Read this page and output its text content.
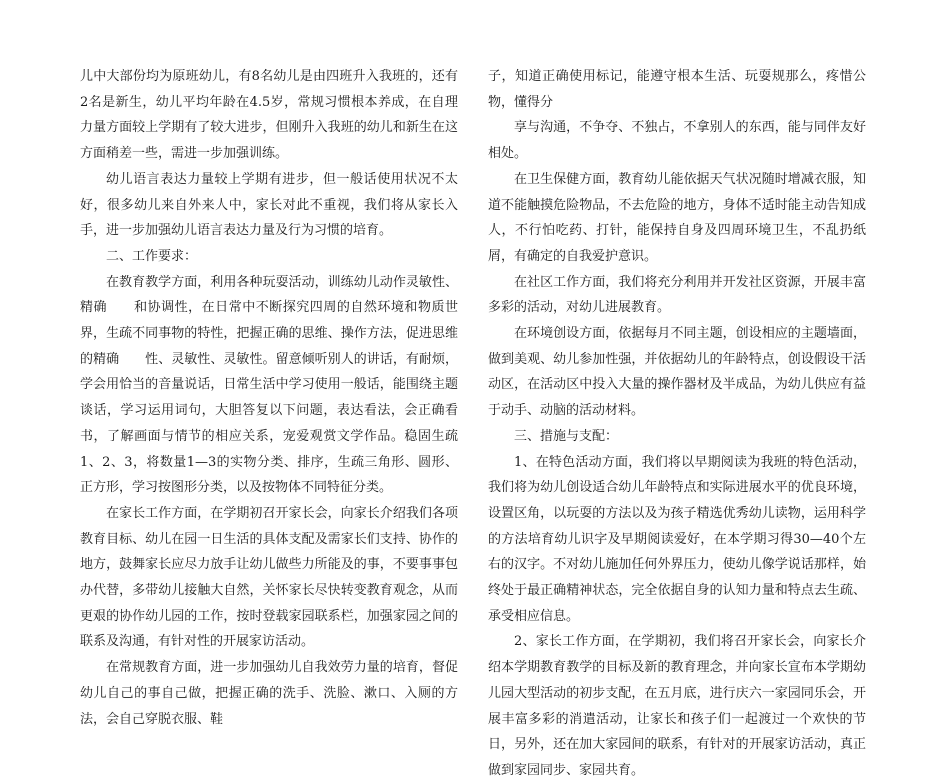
儿中大部份均为原班幼儿，有8名幼儿是由四班升入我班的，还有2名是新生，幼儿平均年龄在4.5岁，常规习惯根本养成，在自理力量方面较上学期有了较大进步，但刚升入我班的幼儿和新生在这方面稍差一些，需进一步加强训练。

幼儿语言表达力量较上学期有进步，但一般话使用状况不太好，很多幼儿来自外来人中，家长对此不重视，我们将从家长入手，进一步加强幼儿语言表达力量及行为习惯的培育。

二、工作要求：

在教育教学方面，利用各种玩耍活动，训练幼儿动作灵敏性、精确　　和协调性，在日常中不断探究四周的自然环境和物质世界，生疏不同事物的特性，把握正确的思维、操作方法，促进思维的精确　　性、灵敏性、灵敏性。留意倾听别人的讲话，有耐烦，学会用恰当的音量说话，日常生活中学习使用一般话，能围绕主题谈话，学习运用词句，大胆答复以下问题，表达看法，会正确看书，了解画面与情节的相应关系，宠爱观赏文学作品。稳固生疏1、2、3，将数量1—3的实物分类、排序，生疏三角形、圆形、正方形，学习按图形分类，以及按物体不同特征分类。

在家长工作方面，在学期初召开家长会，向家长介绍我们各项教育目标、幼儿在园一日生活的具体支配及需家长们支持、协作的地方，鼓舞家长应尽力放手让幼儿做些力所能及的事，不要事事包办代替，多带幼儿接触大自然，关怀家长尽快转变教育观念，从而更艰的协作幼儿园的工作，按时登载家园联系栏，加强家园之间的联系及沟通，有针对性的开展家访活动。

在常规教育方面，进一步加强幼儿自我效劳力量的培育，督促幼儿自己的事自己做，把握正确的洗手、洗脸、漱口、入厕的方法，会自己穿脱衣服、鞋

子，知道正确使用标记，能遵守根本生活、玩耍规那么，疼惜公物，懂得分

享与沟通，不争夺、不独占，不拿别人的东西，能与同伴友好相处。

在卫生保健方面，教育幼儿能依据天气状况随时增减衣服，知道不能触摸危险物品，不去危险的地方，身体不适时能主动告知成人，不行怕吃药、打针，能保持自身及四周环境卫生，不乱扔纸屑，有确定的自我爱护意识。

在社区工作方面，我们将充分利用并开发社区资源，开展丰富多彩的活动，对幼儿进展教育。

在环境创设方面，依据每月不同主题，创设相应的主题墙面，做到美观、幼儿参加性强，并依据幼儿的年龄特点，创设假设干活动区，在活动区中投入大量的操作器材及半成品，为幼儿供应有益于动手、动脑的活动材料。

三、措施与支配：

1、在特色活动方面，我们将以早期阅读为我班的特色活动，我们将为幼儿创设适合幼儿年龄特点和实际进展水平的优良环境，设置区角，以玩耍的方法以及为孩子精选优秀幼儿读物，运用科学的方法培育幼儿识字及早期阅读爱好，在本学期习得30—40个左右的汉字。不对幼儿施加任何外界压力，使幼儿像学说话那样，始终处于最正确精神状态，完全依据自身的认知力量和特点去生疏、承受相应信息。

2、家长工作方面，在学期初，我们将召开家长会，向家长介绍本学期教育教学的目标及新的教育理念，并向家长宣布本学期幼儿园大型活动的初步支配，在五月底，进行庆六一家园同乐会，开展丰富多彩的消遣活动，让家长和孩子们一起渡过一个欢快的节日，另外，还在加大家园间的联系，有针对的开展家访活动，真正做到家园同步、家园共育。
